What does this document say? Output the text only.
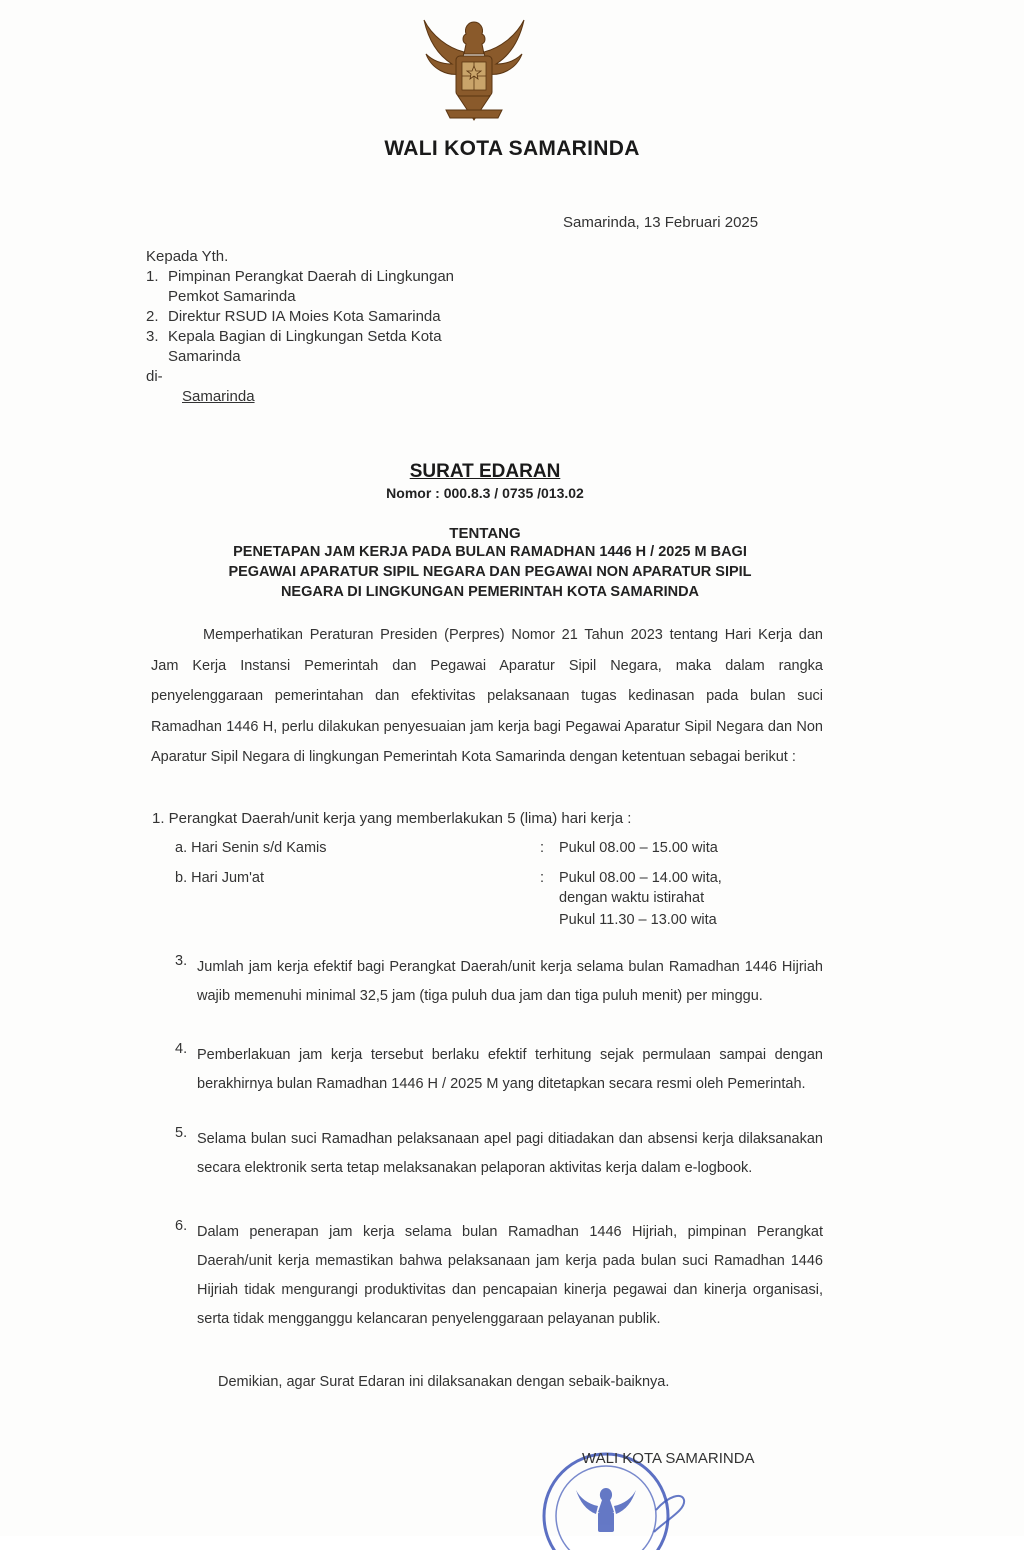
WALI KOTA SAMARINDA
Samarinda, 13 Februari 2025
Kepada Yth.
1. Pimpinan Perangkat Daerah di Lingkungan
Pemkot Samarinda
2. Direktur RSUD IA Moies Kota Samarinda
3. Kepala Bagian di Lingkungan Setda Kota
Samarinda
di-
Samarinda
SURAT EDARAN
Nomor : 000.8.3 / 0735 /013.02
TENTANG
PENETAPAN JAM KERJA PADA BULAN RAMADHAN 1446 H / 2025 M BAGI
PEGAWAI APARATUR SIPIL NEGARA DAN PEGAWAI NON APARATUR SIPIL
NEGARA DI LINGKUNGAN PEMERINTAH KOTA SAMARINDA
Memperhatikan Peraturan Presiden (Perpres) Nomor 21 Tahun 2023 tentang Hari Kerja dan Jam Kerja Instansi Pemerintah dan Pegawai Aparatur Sipil Negara, maka dalam rangka penyelenggaraan pemerintahan dan efektivitas pelaksanaan tugas kedinasan pada bulan suci Ramadhan 1446 H, perlu dilakukan penyesuaian jam kerja bagi Pegawai Aparatur Sipil Negara dan Non Aparatur Sipil Negara di lingkungan Pemerintah Kota Samarinda dengan ketentuan sebagai berikut :
1. Perangkat Daerah/unit kerja yang memberlakukan 5 (lima) hari kerja :
a. Hari Senin s/d Kamis	: Pukul 08.00 – 15.00 wita
b. Hari Jum'at	: Pukul 08.00 – 14.00 wita,
dengan waktu istirahat
Pukul 11.30 – 13.00 wita
3. Jumlah jam kerja efektif bagi Perangkat Daerah/unit kerja selama bulan Ramadhan 1446 Hijriah wajib memenuhi minimal 32,5 jam (tiga puluh dua jam dan tiga puluh menit) per minggu.
4. Pemberlakuan jam kerja tersebut berlaku efektif terhitung sejak permulaan sampai dengan berakhirnya bulan Ramadhan 1446 H / 2025 M yang ditetapkan secara resmi oleh Pemerintah.
5. Selama bulan suci Ramadhan pelaksanaan apel pagi ditiadakan dan absensi kerja dilaksanakan secara elektronik serta tetap melaksanakan pelaporan aktivitas kerja dalam e-logbook.
6. Dalam penerapan jam kerja selama bulan Ramadhan 1446 Hijriah, pimpinan Perangkat Daerah/unit kerja memastikan bahwa pelaksanaan jam kerja pada bulan suci Ramadhan 1446 Hijriah tidak mengurangi produktivitas dan pencapaian kinerja pegawai dan kinerja organisasi, serta tidak mengganggu kelancaran penyelenggaraan pelayanan publik.
Demikian, agar Surat Edaran ini dilaksanakan dengan sebaik-baiknya.
WALI KOTA SAMARINDA
